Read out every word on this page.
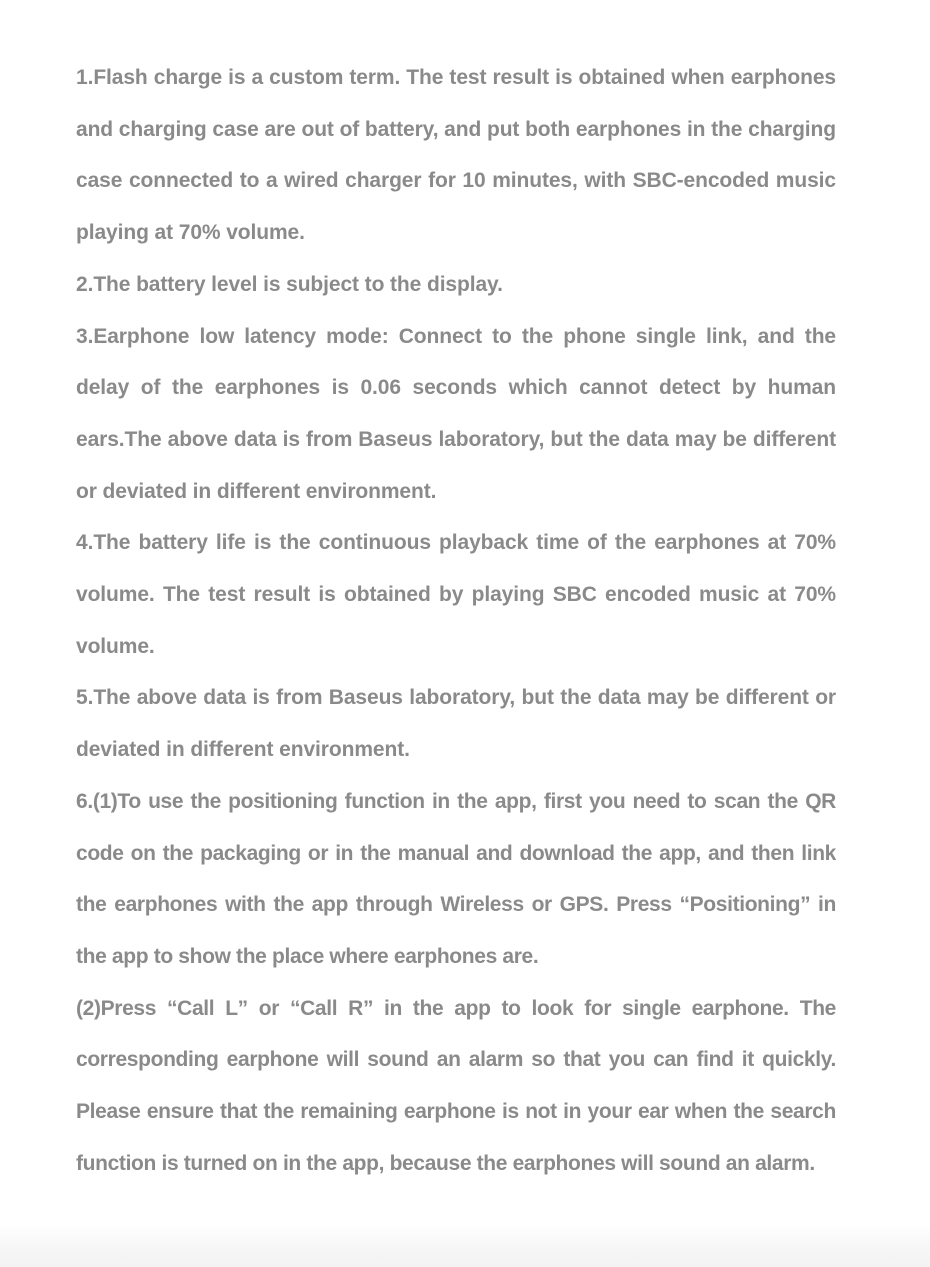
1.Flash charge is a custom term. The test result is obtained when earphones and charging case are out of battery, and put both earphones in the charging case connected to a wired charger for 10 minutes, with SBC-encoded music playing at 70% volume.

2.The battery level is subject to the display.

3.Earphone low latency mode: Connect to the phone single link, and the delay of the earphones is 0.06 seconds which cannot detect by human ears.The above data is from Baseus laboratory, but the data may be different or deviated in different environment.

4.The battery life is the continuous playback time of the earphones at 70% volume. The test result is obtained by playing SBC encoded music at 70% volume.

5.The above data is from Baseus laboratory, but the data may be different or deviated in different environment.

6.(1)To use the positioning function in the app, first you need to scan the QR code on the packaging or in the manual and download the app, and then link the earphones with the app through Wireless or GPS. Press “Positioning” in the app to show the place where earphones are.

(2)Press “Call L” or “Call R” in the app to look for single earphone. The corresponding earphone will sound an alarm so that you can find it quickly. Please ensure that the remaining earphone is not in your ear when the search function is turned on in the app, because the earphones will sound an alarm.
